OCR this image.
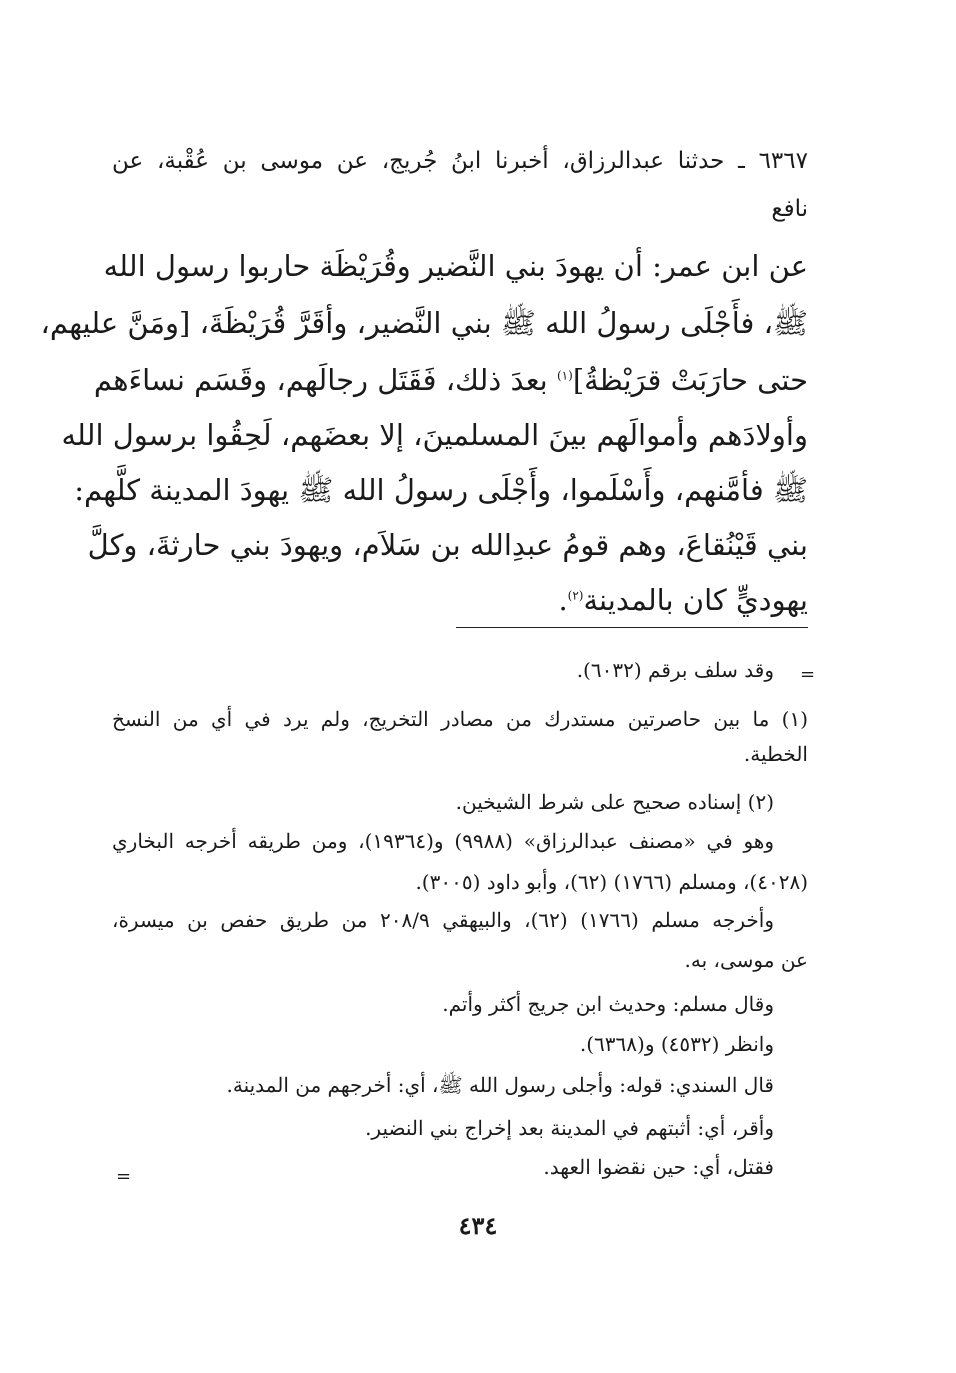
٦٣٦٧ ـ حدثنا عبدالرزاق، أخبرنا ابنُ جُريج، عن موسى بن عُقْبة، عن
نافع
عن ابن عمر: أن يهودَ بني النَّضير وقُرَيْظَة حاربوا رسول الله
ﷺ، فأَجْلَى رسولُ الله ﷺ بني النَّضير، وأقَرَّ قُرَيْظَةَ، [ومَنَّ عليهم،
حتى حارَبَتْ قرَيْظةُ]$^{(١)}$ بعدَ ذلك، فَقَتَل رجالَهم، وقَسَم نساءَهم
وأولادَهم وأموالَهم بينَ المسلمينَ، إلا بعضَهم، لَحِقُوا برسول الله
ﷺ فأمَّنهم، وأَسْلَموا، وأَجْلَى رسولُ الله ﷺ يهودَ المدينة كلَّهم:
بني قَيْنُقاعَ، وهم قومُ عبدِالله بن سَلاَم، ويهودَ بني حارثةَ، وكلَّ
يهوديٍّ كان بالمدينة$^{(٢)}$.
=
وقد سلف برقم (٦٠٣٢).
(١) ما بين حاصرتين مستدرك من مصادر التخريج، ولم يرد في أي من النسخ
الخطية.
(٢) إسناده صحيح على شرط الشيخين.
وهو في «مصنف عبدالرزاق» (٩٩٨٨) و(١٩٣٦٤)، ومن طريقه أخرجه البخاري
(٤٠٢٨)، ومسلم (١٧٦٦) (٦٢)، وأبو داود (٣٠٠٥).
وأخرجه مسلم (١٧٦٦) (٦٢)، والبيهقي ٢٠٨/٩ من طريق حفص بن ميسرة،
عن موسى، به.
وقال مسلم: وحديث ابن جريج أكثر وأتم.
وانظر (٤٥٣٢) و(٦٣٦٨).
قال السندي: قوله: وأجلى رسول الله ﷺ، أي: أخرجهم من المدينة.
وأقر، أي: أثبتهم في المدينة بعد إخراج بني النضير.
فقتل، أي: حين نقضوا العهد.
=
٤٣٤
